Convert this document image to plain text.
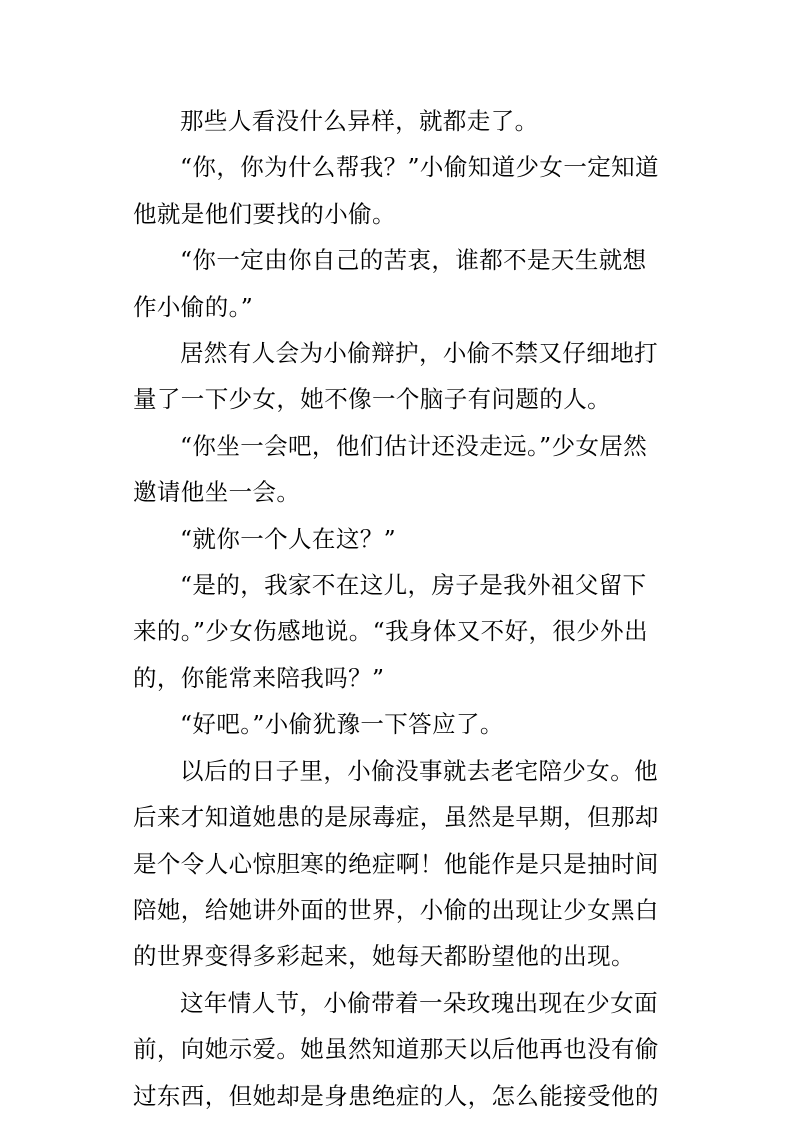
那些人看没什么异样，就都走了。

“你，你为什么帮我？”小偷知道少女一定知道他就是他们要找的小偷。

“你一定由你自己的苦衷，谁都不是天生就想作小偷的。”

居然有人会为小偷辩护，小偷不禁又仔细地打量了一下少女，她不像一个脑子有问题的人。

“你坐一会吧，他们估计还没走远。”少女居然邀请他坐一会。

“就你一个人在这？”

“是的，我家不在这儿，房子是我外祖父留下来的。”少女伤感地说。“我身体又不好，很少外出的，你能常来陪我吗？”

“好吧。”小偷犹豫一下答应了。

以后的日子里，小偷没事就去老宅陪少女。他后来才知道她患的是尿毒症，虽然是早期，但那却是个令人心惊胆寒的绝症啊！他能作是只是抽时间陪她，给她讲外面的世界，小偷的出现让少女黑白的世界变得多彩起来，她每天都盼望他的出现。

这年情人节，小偷带着一朵玫瑰出现在少女面前，向她示爱。她虽然知道那天以后他再也没有偷过东西，但她却是身患绝症的人，怎么能接受他的
